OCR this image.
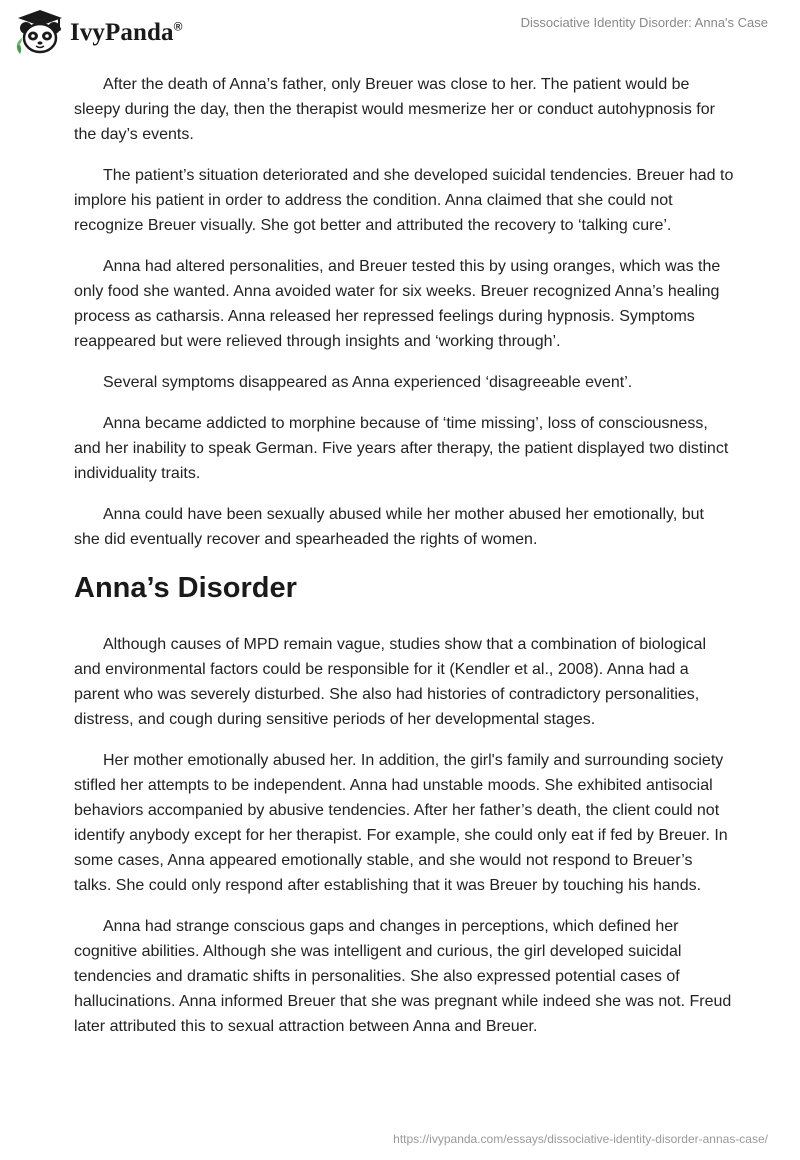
IvyPanda®	Dissociative Identity Disorder: Anna's Case

After the death of Anna’s father, only Breuer was close to her. The patient would be sleepy during the day, then the therapist would mesmerize her or conduct autohypnosis for the day’s events.

The patient’s situation deteriorated and she developed suicidal tendencies. Breuer had to implore his patient in order to address the condition. Anna claimed that she could not recognize Breuer visually. She got better and attributed the recovery to ‘talking cure’.

Anna had altered personalities, and Breuer tested this by using oranges, which was the only food she wanted. Anna avoided water for six weeks. Breuer recognized Anna’s healing process as catharsis. Anna released her repressed feelings during hypnosis. Symptoms reappeared but were relieved through insights and ‘working through’.

Several symptoms disappeared as Anna experienced ‘disagreeable event’.

Anna became addicted to morphine because of ‘time missing’, loss of consciousness, and her inability to speak German. Five years after therapy, the patient displayed two distinct individuality traits.

Anna could have been sexually abused while her mother abused her emotionally, but she did eventually recover and spearheaded the rights of women.

Anna’s Disorder

Although causes of MPD remain vague, studies show that a combination of biological and environmental factors could be responsible for it (Kendler et al., 2008). Anna had a parent who was severely disturbed. She also had histories of contradictory personalities, distress, and cough during sensitive periods of her developmental stages.

Her mother emotionally abused her. In addition, the girl's family and surrounding society stifled her attempts to be independent. Anna had unstable moods. She exhibited antisocial behaviors accompanied by abusive tendencies. After her father’s death, the client could not identify anybody except for her therapist. For example, she could only eat if fed by Breuer. In some cases, Anna appeared emotionally stable, and she would not respond to Breuer’s talks. She could only respond after establishing that it was Breuer by touching his hands.

Anna had strange conscious gaps and changes in perceptions, which defined her cognitive abilities. Although she was intelligent and curious, the girl developed suicidal tendencies and dramatic shifts in personalities. She also expressed potential cases of hallucinations. Anna informed Breuer that she was pregnant while indeed she was not. Freud later attributed this to sexual attraction between Anna and Breuer.

https://ivypanda.com/essays/dissociative-identity-disorder-annas-case/
